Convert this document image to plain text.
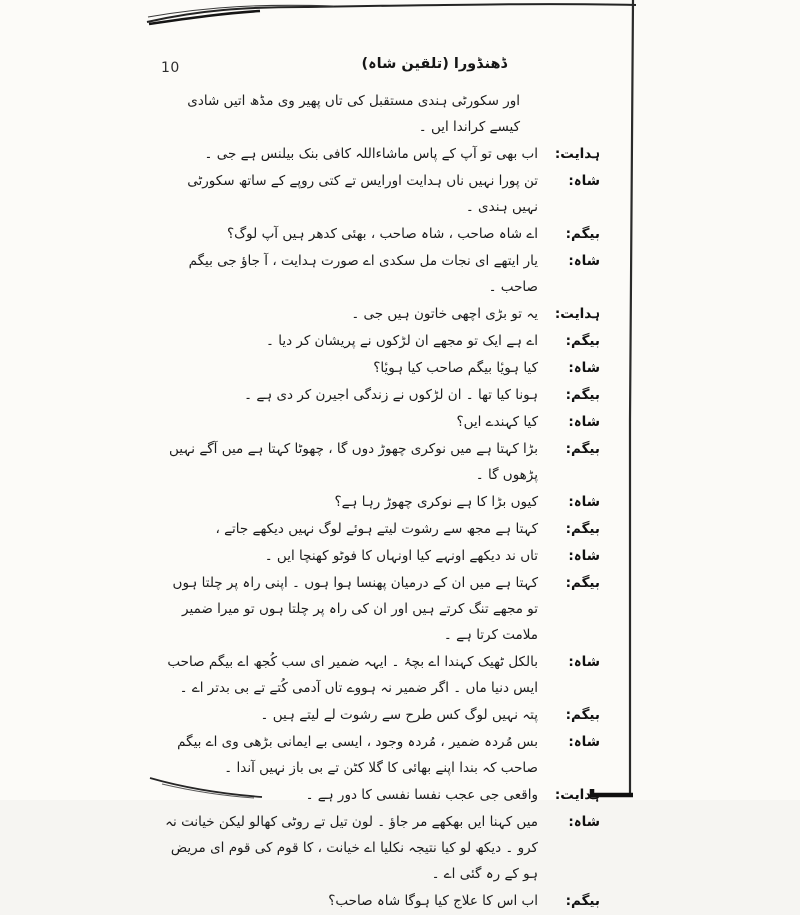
10	ڈھنڈورا (تلقین شاہ)
اور سکورٹی ہندی مستقبل کی تاں پھیر وی مڈھ اتیں شادی کیسے کراندا ایں ۔
ہدایت:
اب بھی تو آپ کے پاس ماشاءاللہ کافی بنک بیلنس ہے جی ۔
شاہ:
تن پورا نہیں ناں ہدایت اورایس تے کتی روپے کے ساتھ سکورٹی نہیں ہندی ۔
بیگم:
اے شاہ صاحب ، شاہ صاحب ، بھئی کدھر ہیں آپ لوگ؟
شاہ:
یار ایتھے ای نجات مل سکدی اے صورت ہدایت ، آ جاؤ جی بیگم صاحب ۔
ہدایت:
یہ تو بڑی اچھی خاتون ہیں جی ۔
بیگم:
اے ہے ایک تو مجھے ان لڑکوں نے پریشان کر دیا ۔
شاہ:
کیا ہویٔا بیگم صاحب کیا ہویٔا؟
بیگم:
ہونا کیا تھا ۔ ان لڑکوں نے زندگی اجیرن کر دی ہے ۔
شاہ:
کیا کہندے ایں؟
بیگم:
بڑا کہتا ہے میں نوکری چھوڑ دوں گا ، چھوٹا کہتا ہے میں آگے نہیں پڑھوں گا ۔
شاہ:
کیوں بڑا کا ہے نوکری چھوڑ رہا ہے؟
بیگم:
کہتا ہے مجھ سے رشوت لیتے ہوئے لوگ نہیں دیکھے جاتے ،
شاہ:
تاں ند دیکھے اونہے کیا اونہاں کا فوٹو کھنچا ایں ۔
بیگم:
کہتا ہے میں ان کے درمیان پھنسا ہوا ہوں ۔ اپنی راہ پر چلتا ہوں تو مجھے تنگ کرتے ہیں اور ان کی راہ پر چلتا ہوں تو میرا ضمیر ملامت کرتا ہے ۔
شاہ:
بالکل ٹھیک کہندا اے بچۂ ۔ ایہہ ضمیر ای سب کُجھ اے بیگم صاحب ایس دنیا ماں ۔ اگر ضمیر نہ ہووے تاں آدمی کُتے تے بی بدتر اے ۔
بیگم:
پتہ نہیں لوگ کس طرح سے رشوت لے لیتے ہیں ۔
شاہ:
بس مُردہ ضمیر ، مُردہ وجود ، ایسی بے ایمانی بڑھی وی اے بیگم صاحب کہ بندا اپنے بھائی کا گلا کٹن تے بی باز نہیں آندا ۔
ہدایت:
واقعی جی عجب نفسا نفسی کا دور ہے ۔
شاہ:
میں کہنا ایں بھکھے مر جاؤ ۔ لون تیل تے روٹی کھالو لیکن خیانت نہ کرو ۔ دیکھ لو کیا نتیجہ نکلیا اے خیانت ، کا قوم کی قوم ای مریض ہو کے رہ گئی اے ۔
بیگم:
اب اس کا علاج کیا ہوگا شاہ صاحب؟
